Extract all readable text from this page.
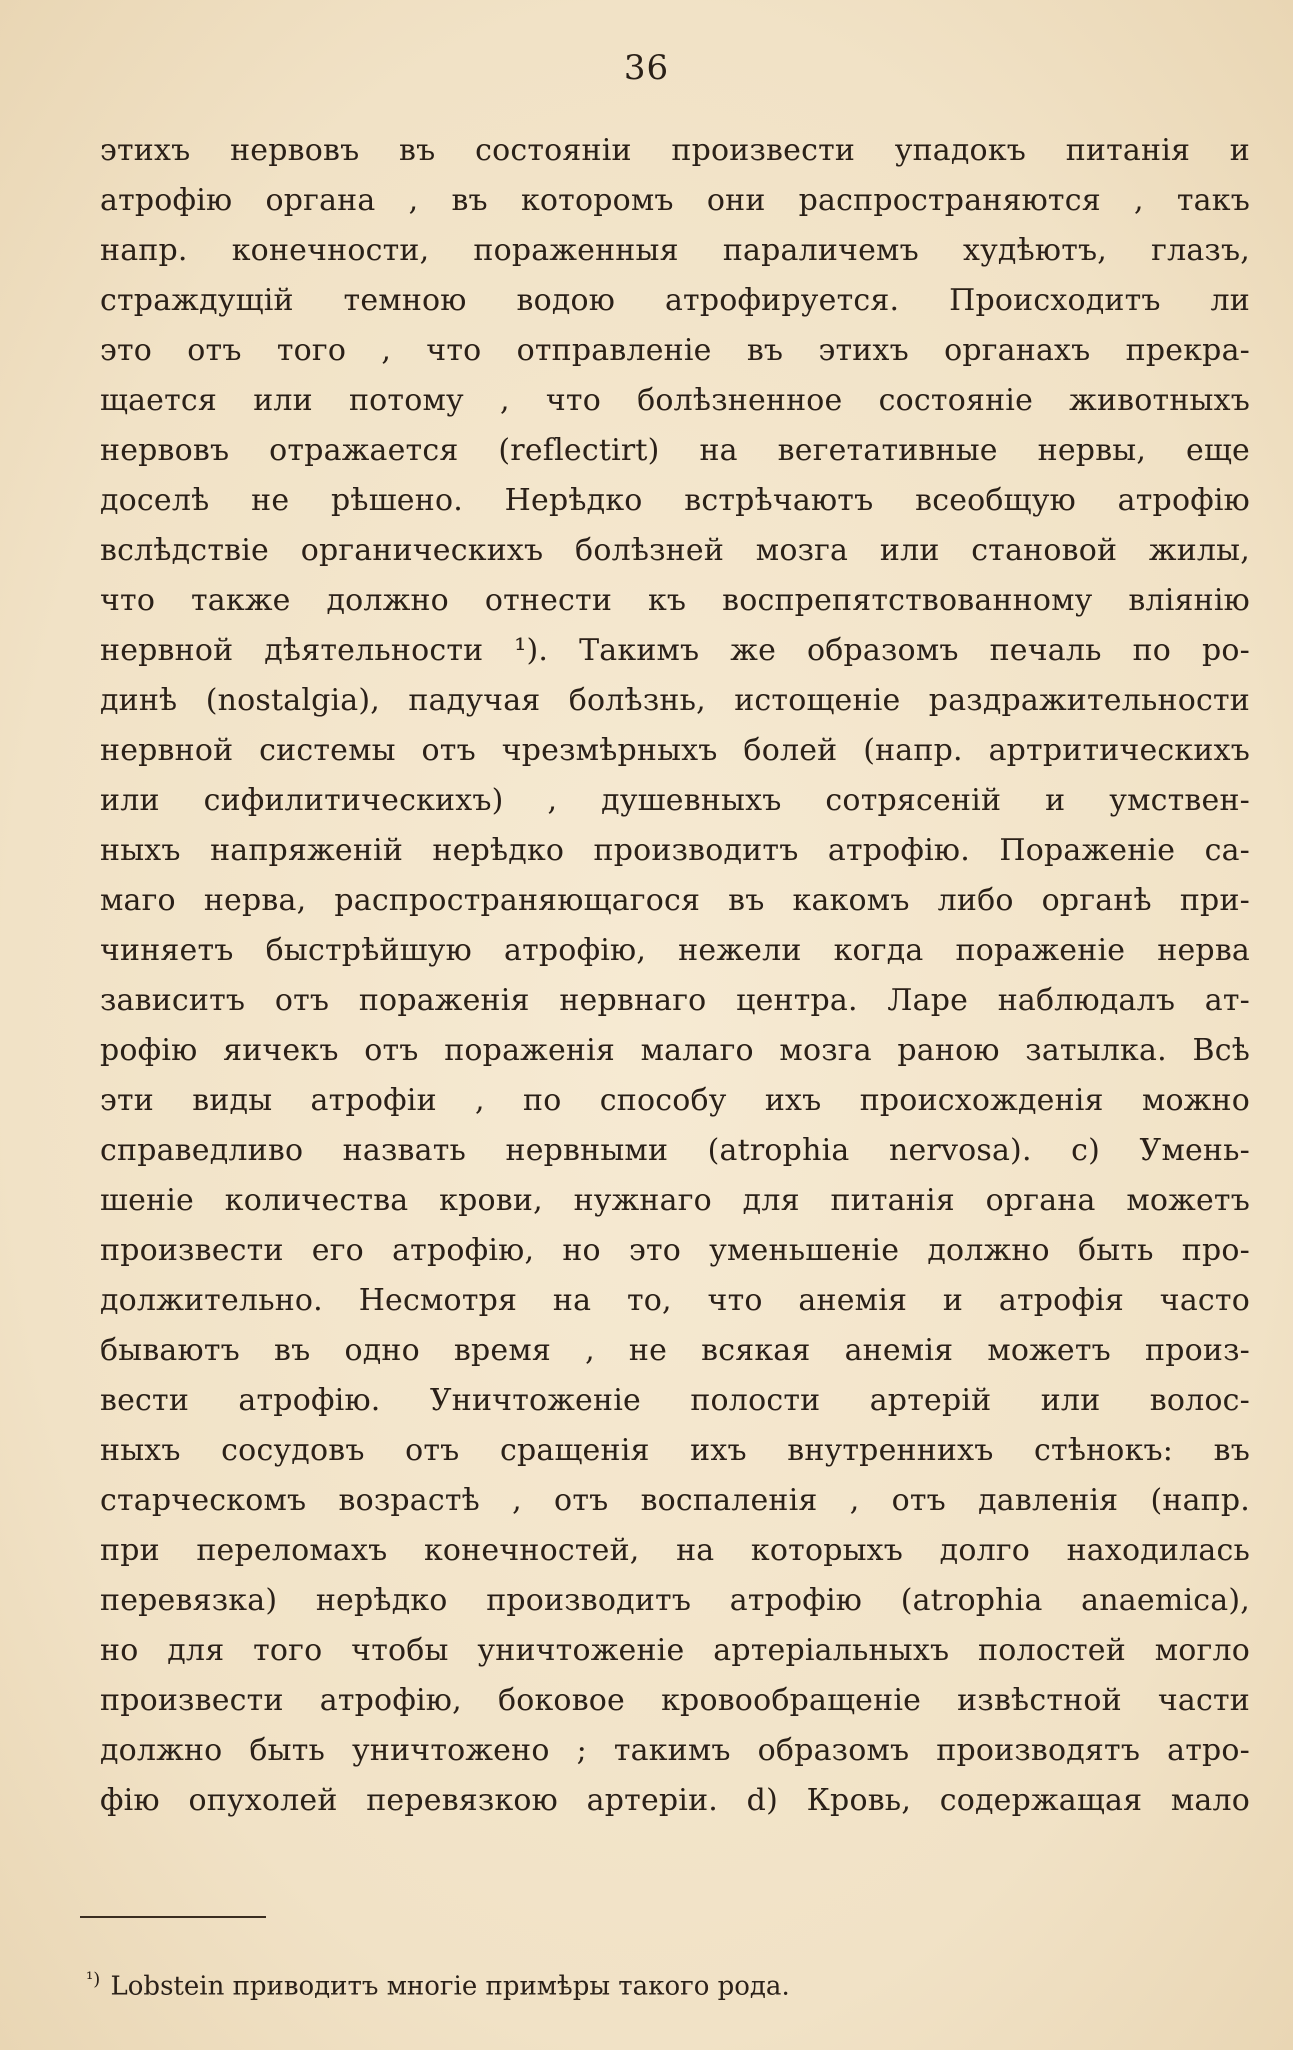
36
этихъ нервовъ въ состоянiи произвести упадокъ питанiя и
атрофiю органа , въ которомъ они распространяются , такъ
напр. конечности, пораженныя параличемъ худѣютъ, глазъ,
страждущiй темною водою атрофируется. Происходитъ ли
это отъ того , что отправленiе въ этихъ органахъ прекра-
щается или потому , что болѣзненное состоянiе животныхъ
нервовъ отражается (reflectirt) на вегетативные нервы, еще
доселѣ не рѣшено. Нерѣдко встрѣчаютъ всеобщую атрофiю
вслѣдствiе органическихъ болѣзней мозга или становой жилы,
что также должно отнести къ воспрепятствованному влiянiю
нервной дѣятельности ¹). Такимъ же образомъ печаль по ро-
динѣ (nostalgia), падучая болѣзнь, истощенiе раздражительности
нервной системы отъ чрезмѣрныхъ болей (напр. артритическихъ
или сифилитическихъ) , душевныхъ сотрясенiй и умствен-
ныхъ напряженiй нерѣдко производитъ атрофiю. Пораженiе са-
маго нерва, распространяющагося въ какомъ либо органѣ при-
чиняетъ быстрѣйшую атрофiю, нежели когда пораженiе нерва
зависитъ отъ пораженiя нервнаго центра. Ларе наблюдалъ ат-
рофiю яичекъ отъ пораженiя малаго мозга раною затылка. Всѣ
эти виды атрофiи , по способу ихъ происхожденiя можно
справедливо назвать нервными (atrophia nervosa). c) Умень-
шенiе количества крови, нужнаго для питанiя органа можетъ
произвести его атрофiю, но это уменьшенiе должно быть про-
должительно. Несмотря на то, что анемiя и атрофiя часто
бываютъ въ одно время , не всякая анемiя можетъ произ-
вести атрофiю. Уничтоженiе полости артерiй или волос-
ныхъ сосудовъ отъ сращенiя ихъ внутреннихъ стѣнокъ: въ
старческомъ возрастѣ , отъ воспаленiя , отъ давленiя (напр.
при переломахъ конечностей, на которыхъ долго находилась
перевязка) нерѣдко производитъ атрофiю (atrophia anaemica),
но для того чтобы уничтоженiе артерiальныхъ полостей могло
произвести атрофiю, боковое кровообращенiе извѣстной части
должно быть уничтожено ; такимъ образомъ производятъ атро-
фiю опухолей перевязкою артерiи. d) Кровь, содержащая мало
$^{^1)}$ Lobstein приводитъ многiе примѣры такого рода.
